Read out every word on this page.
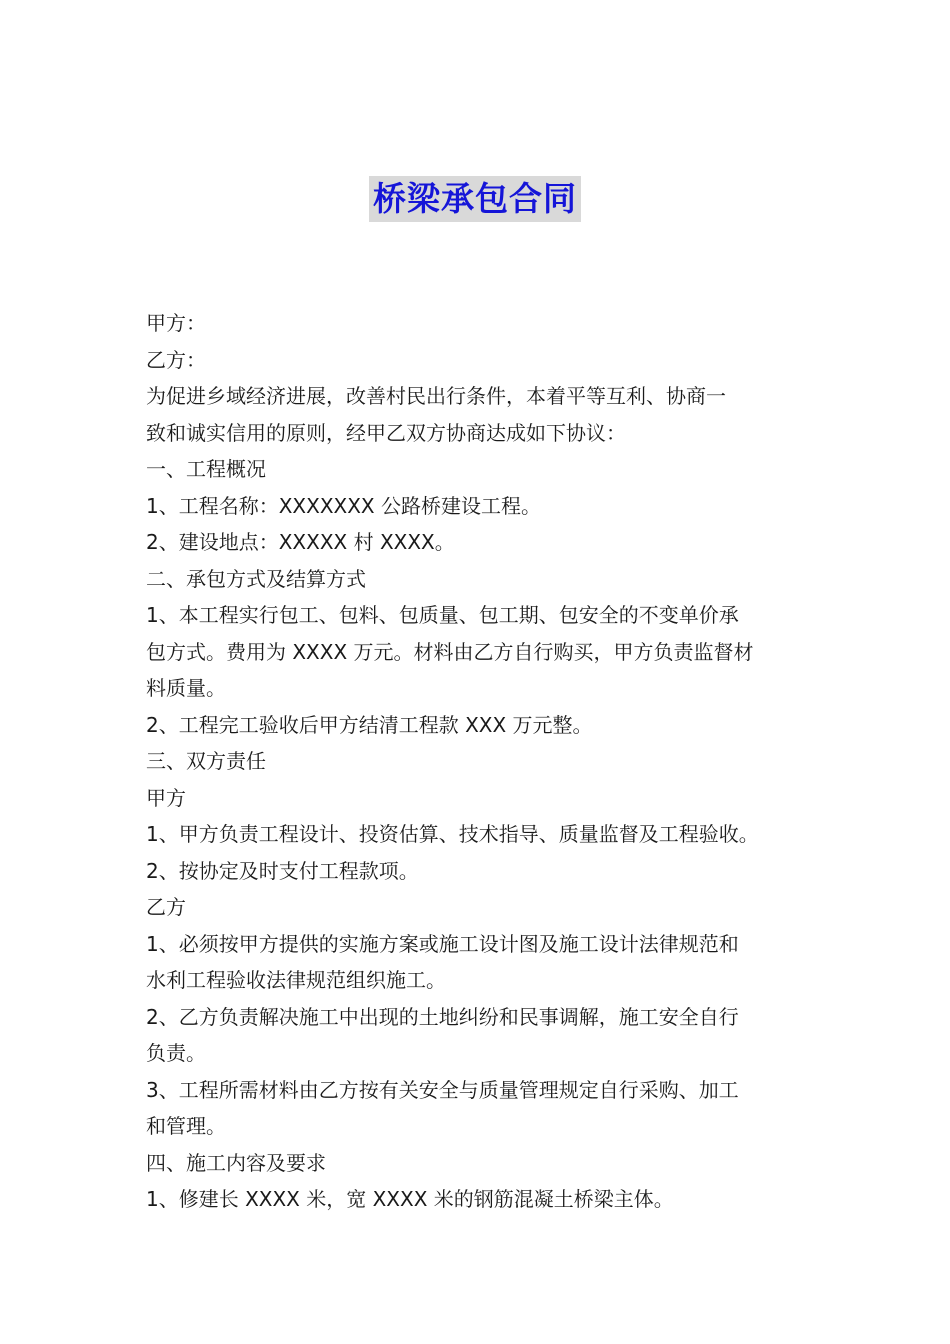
桥梁承包合同

甲方：

乙方：

为促进乡域经济进展，改善村民出行条件，本着平等互利、协商一

致和诚实信用的原则，经甲乙双方协商达成如下协议：

一、工程概况

1、工程名称：XXXXXXX 公路桥建设工程。

2、建设地点：XXXXX 村 XXXX。

二、承包方式及结算方式

1、本工程实行包工、包料、包质量、包工期、包安全的不变单价承

包方式。费用为 XXXX 万元。材料由乙方自行购买，甲方负责监督材

料质量。

2、工程完工验收后甲方结清工程款 XXX 万元整。

三、双方责任

甲方

1、甲方负责工程设计、投资估算、技术指导、质量监督及工程验收。

2、按协定及时支付工程款项。

乙方

1、必须按甲方提供的实施方案或施工设计图及施工设计法律规范和

水利工程验收法律规范组织施工。

2、乙方负责解决施工中出现的土地纠纷和民事调解，施工安全自行

负责。

3、工程所需材料由乙方按有关安全与质量管理规定自行采购、加工

和管理。

四、施工内容及要求

1、修建长 XXXX 米，宽 XXXX 米的钢筋混凝土桥梁主体。
